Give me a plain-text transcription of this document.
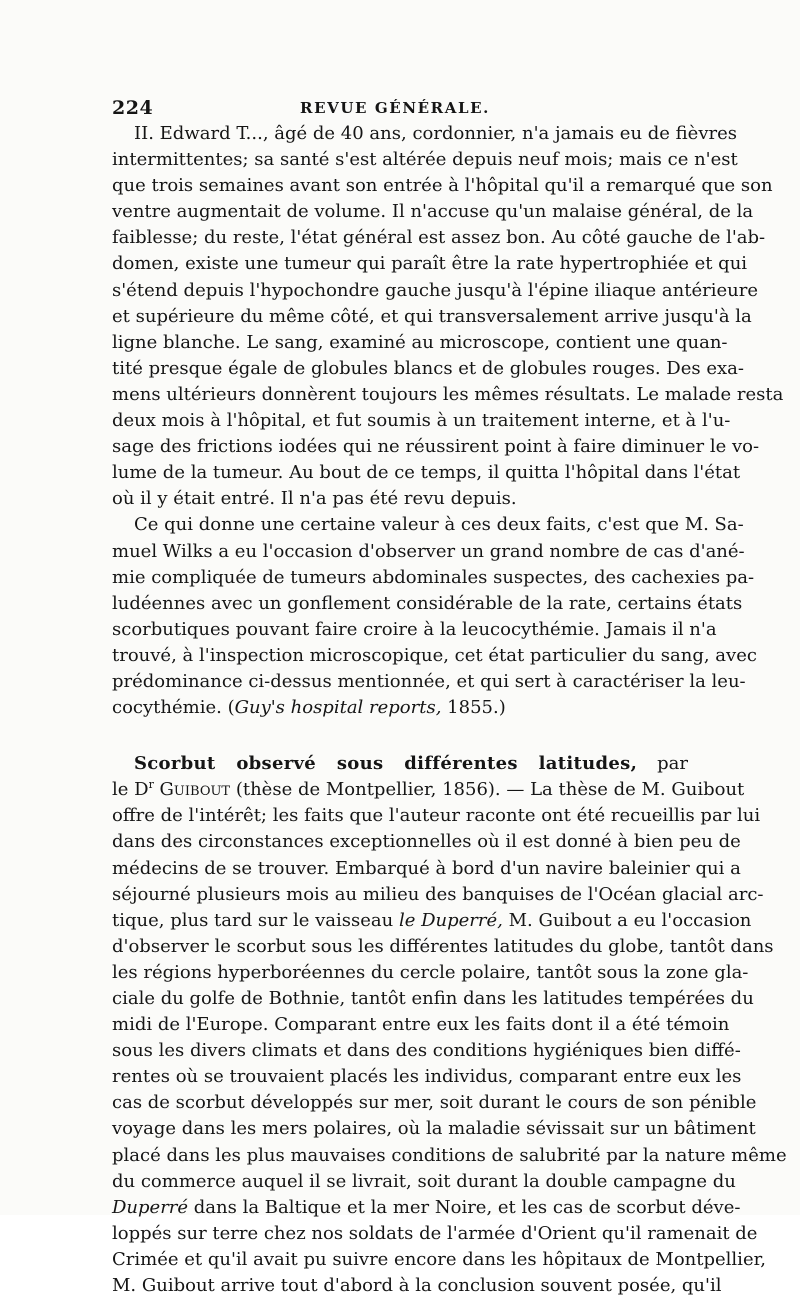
224	REVUE GÉNÉRALE.
II. Edward T..., âgé de 40 ans, cordonnier, n'a jamais eu de fièvres
intermittentes; sa santé s'est altérée depuis neuf mois; mais ce n'est
que trois semaines avant son entrée à l'hôpital qu'il a remarqué que son
ventre augmentait de volume. Il n'accuse qu'un malaise général, de la
faiblesse; du reste, l'état général est assez bon. Au côté gauche de l'ab-
domen, existe une tumeur qui paraît être la rate hypertrophiée et qui
s'étend depuis l'hypochondre gauche jusqu'à l'épine iliaque antérieure
et supérieure du même côté, et qui transversalement arrive jusqu'à la
ligne blanche. Le sang, examiné au microscope, contient une quan-
tité presque égale de globules blancs et de globules rouges. Des exa-
mens ultérieurs donnèrent toujours les mêmes résultats. Le malade resta
deux mois à l'hôpital, et fut soumis à un traitement interne, et à l'u-
sage des frictions iodées qui ne réussirent point à faire diminuer le vo-
lume de la tumeur. Au bout de ce temps, il quitta l'hôpital dans l'état
où il y était entré. Il n'a pas été revu depuis.
Ce qui donne une certaine valeur à ces deux faits, c'est que M. Sa-
muel Wilks a eu l'occasion d'observer un grand nombre de cas d'ané-
mie compliquée de tumeurs abdominales suspectes, des cachexies pa-
ludéennes avec un gonflement considérable de la rate, certains états
scorbutiques pouvant faire croire à la leucocythémie. Jamais il n'a
trouvé, à l'inspection microscopique, cet état particulier du sang, avec
prédominance ci-dessus mentionnée, et qui sert à caractériser la leu-
cocythémie. (Guy's hospital reports, 1855.)
Scorbut observé sous différentes latitudes, par
le $D^r$ Guibout (thèse de Montpellier, 1856). — La thèse de M. Guibout
offre de l'intérêt; les faits que l'auteur raconte ont été recueillis par lui
dans des circonstances exceptionnelles où il est donné à bien peu de
médecins de se trouver. Embarqué à bord d'un navire baleinier qui a
séjourné plusieurs mois au milieu des banquises de l'Océan glacial arc-
tique, plus tard sur le vaisseau le Duperré, M. Guibout a eu l'occasion
d'observer le scorbut sous les différentes latitudes du globe, tantôt dans
les régions hyperboréennes du cercle polaire, tantôt sous la zone gla-
ciale du golfe de Bothnie, tantôt enfin dans les latitudes tempérées du
midi de l'Europe. Comparant entre eux les faits dont il a été témoin
sous les divers climats et dans des conditions hygiéniques bien diffé-
rentes où se trouvaient placés les individus, comparant entre eux les
cas de scorbut développés sur mer, soit durant le cours de son pénible
voyage dans les mers polaires, où la maladie sévissait sur un bâtiment
placé dans les plus mauvaises conditions de salubrité par la nature même
du commerce auquel il se livrait, soit durant la double campagne du
Duperré dans la Baltique et la mer Noire, et les cas de scorbut déve-
loppés sur terre chez nos soldats de l'armée d'Orient qu'il ramenait de
Crimée et qu'il avait pu suivre encore dans les hôpitaux de Montpellier,
M. Guibout arrive tout d'abord à la conclusion souvent posée, qu'il
